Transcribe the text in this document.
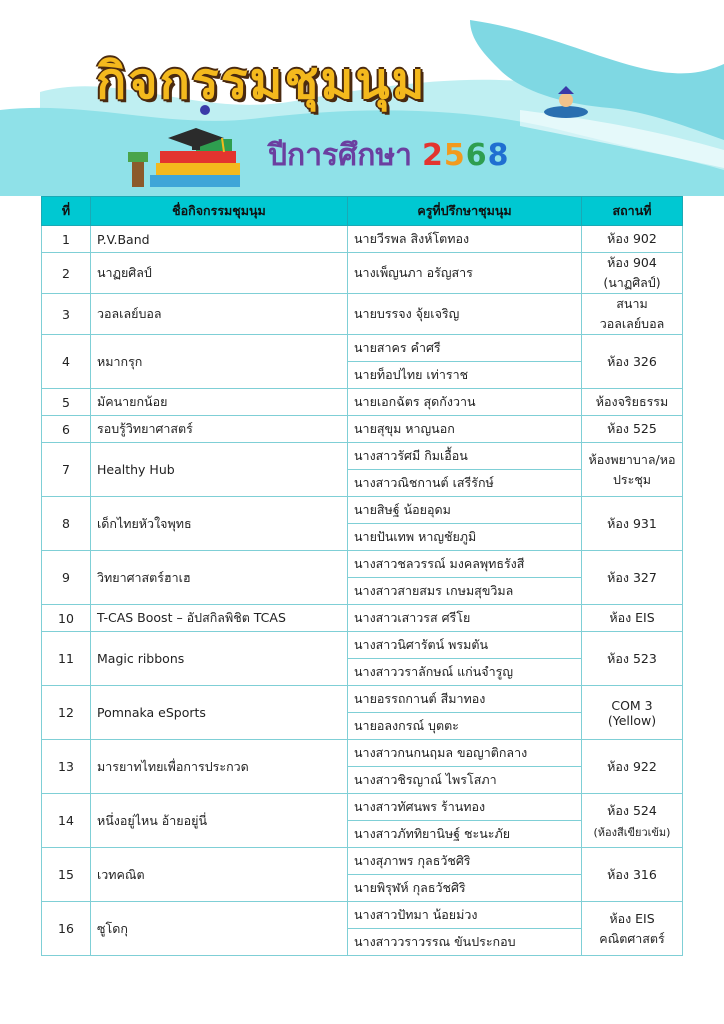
กิจกรรมชุมนุม
ปีการศึกษา 2568
ที่	ชื่อกิจกรรมชุมนุม	ครูที่ปรึกษาชุมนุม	สถานที่
1	P.V.Band	นายวีรพล สิงห์โตทอง	ห้อง 902
2	นาฏยศิลป์	นางเพ็ญนภา อรัญสาร	ห้อง 904 (นาฏศิลป์)
3	วอลเลย์บอล	นายบรรจง จุ้ยเจริญ	สนามวอลเลย์บอล
4	หมากรุก	นายสาคร คำศรี	ห้อง 326
		นายท็อปไทย เท่าราช	
5	มัคนายกน้อย	นายเอกฉัตร สุดกังวาน	ห้องจริยธรรม
6	รอบรู้วิทยาศาสตร์	นายสุขุม หาญนอก	ห้อง 525
7	Healthy Hub	นางสาวรัศมี กิมเอื้อน	ห้องพยาบาล/หอประชุม
		นางสาวณิชกานต์ เสรีรักษ์	
8	เด็กไทยหัวใจพุทธ	นายสิษฐ์ น้อยอุดม	ห้อง 931
		นายปันเทพ หาญชัยภูมิ	
9	วิทยาศาสตร์ฮาเฮ	นางสาวชลวรรณ์ มงคลพุทธรังสี	ห้อง 327
		นางสาวสายสมร เกษมสุขวิมล	
10	T-CAS Boost – อัปสกิลพิชิต TCAS	นางสาวเสาวรส ศรีโย	ห้อง EIS
11	Magic ribbons	นางสาวนิศารัตน์ พรมตัน	ห้อง 523
		นางสาววราลักษณ์ แก่นจำรูญ	
12	Pomnaka eSports	นายอรรถกานต์ สีมาทอง	COM 3 (Yellow)
		นายอลงกรณ์ บุตตะ	
13	มารยาทไทยเพื่อการประกวด	นางสาวกนกนฤมล ขอญาติกลาง	ห้อง 922
		นางสาวชิรญาณ์ ไพรโสภา	
14	หนึ่งอยู่ไหน อ้ายอยู่นี่	นางสาวทัศนพร ร้านทอง	ห้อง 524
(ห้องสีเขียวเข้ม)

		นางสาวภัททิยานิษฐ์ ชะนะภัย	
15	เวทคณิต	นางสุภาพร กุลธวัชศิริ	ห้อง 316
		นายพิรุฬห์ กุลธวัชศิริ	
16	ซูโดกุ	นางสาวปัทมา น้อยม่วง	ห้อง EIS คณิตศาสตร์
		นางสาววราวรรณ ขันประกอบ	
